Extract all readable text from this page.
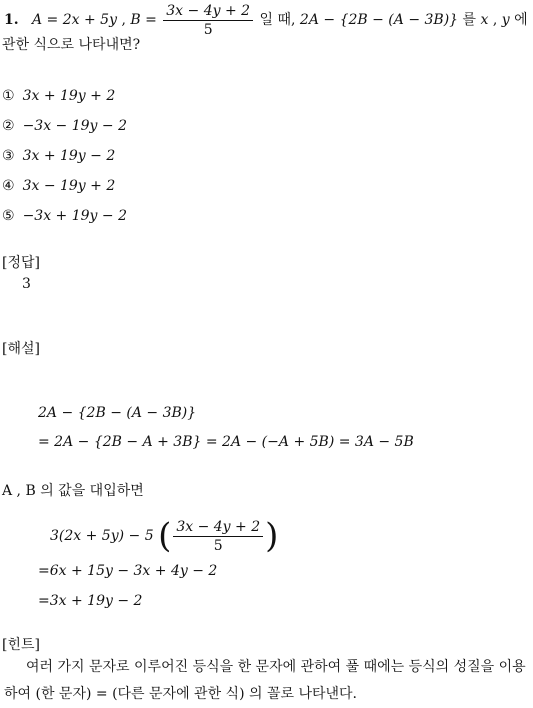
1. A = 2x + 5y , $B = \frac{3x - 4y + 2}{5}$ 일 때, 2A − {2B − (A − 3B)} 를 x , y 에
관한 식으로 나타내면?
① 3x + 19y + 2
② −3x − 19y − 2
③ 3x + 19y − 2
④ 3x − 19y + 2
⑤ −3x + 19y − 2
[정답]
3
[해설]
2A − {2B − (A − 3B)}
= 2A − {2B − A + 3B} = 2A − (−A + 5B) = 3A − 5B
A , B 의 값을 대입하면
3(2x + 5y) − 5 ( $\frac{3x - 4y + 2}{5}$ )
=6x + 15y − 3x + 4y − 2
=3x + 19y − 2
[힌트]
여러 가지 문자로 이루어진 등식을 한 문자에 관하여 풀 때에는 등식의 성질을 이용하여 (한 문자) = (다른 문자에 관한 식) 의 꼴로 나타낸다.
